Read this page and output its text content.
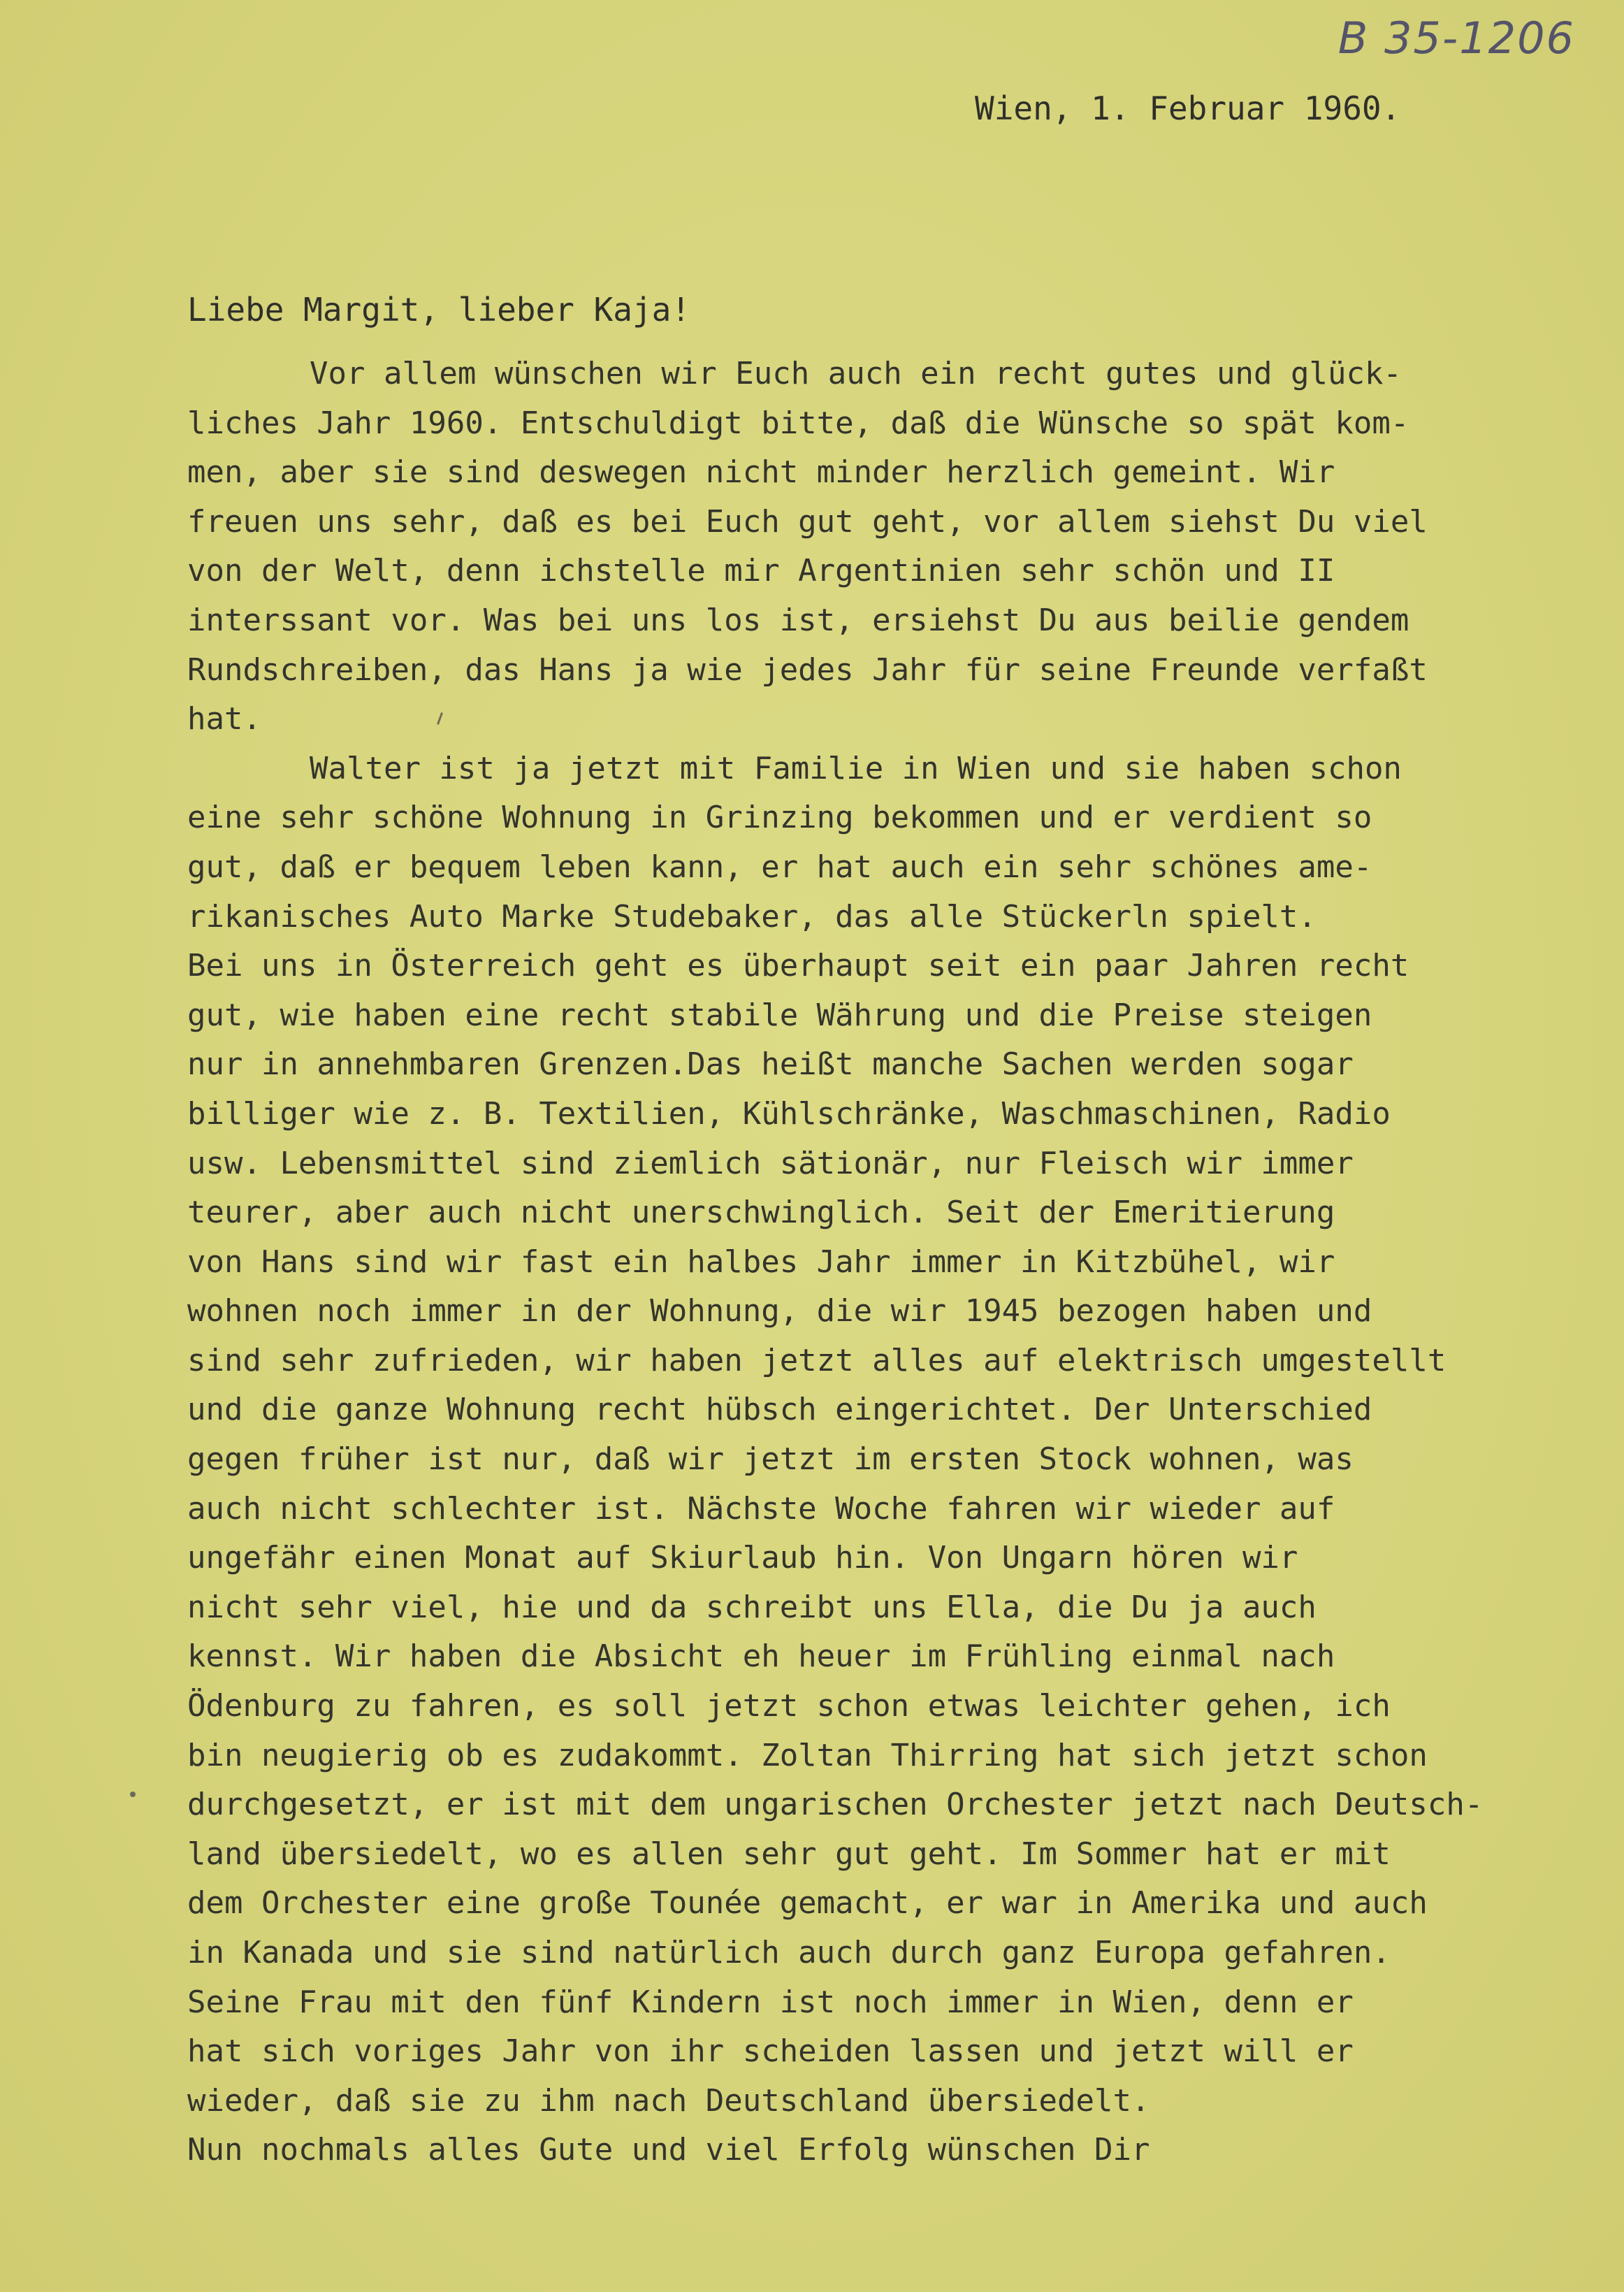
B 35-1206
Wien, 1. Februar 1960.
Liebe Margit, lieber Kaja!
Vor allem wünschen wir Euch auch ein recht gutes und glück-
liches Jahr 1960. Entschuldigt bitte, daß die Wünsche so spät kom-
men, aber sie sind deswegen nicht minder herzlich gemeint. Wir
freuen uns sehr, daß es bei Euch gut geht, vor allem siehst Du viel
von der Welt, denn ichstelle mir Argentinien sehr schön und II
interssant vor. Was bei uns los ist, ersiehst Du aus beilie gendem
Rundschreiben, das Hans ja wie jedes Jahr für seine Freunde verfaßt
hat.
Walter ist ja jetzt mit Familie in Wien und sie haben schon
eine sehr schöne Wohnung in Grinzing bekommen und er verdient so
gut, daß er bequem leben kann, er hat auch ein sehr schönes ame-
rikanisches Auto Marke Studebaker, das alle Stückerln spielt.
Bei uns in Österreich geht es überhaupt seit ein paar Jahren recht
gut, wie haben eine recht stabile Währung und die Preise steigen
nur in annehmbaren Grenzen.Das heißt manche Sachen werden sogar
billiger wie z. B. Textilien, Kühlschränke, Waschmaschinen, Radio
usw. Lebensmittel sind ziemlich sätionär, nur Fleisch wir immer
teurer, aber auch nicht unerschwinglich. Seit der Emeritierung
von Hans sind wir fast ein halbes Jahr immer in Kitzbühel, wir
wohnen noch immer in der Wohnung, die wir 1945 bezogen haben und
sind sehr zufrieden, wir haben jetzt alles auf elektrisch umgestellt
und die ganze Wohnung recht hübsch eingerichtet. Der Unterschied
gegen früher ist nur, daß wir jetzt im ersten Stock wohnen, was
auch nicht schlechter ist. Nächste Woche fahren wir wieder auf
ungefähr einen Monat auf Skiurlaub hin. Von Ungarn hören wir
nicht sehr viel, hie und da schreibt uns Ella, die Du ja auch
kennst. Wir haben die Absicht eh heuer im Frühling einmal nach
Ödenburg zu fahren, es soll jetzt schon etwas leichter gehen, ich
bin neugierig ob es zudakommt. Zoltan Thirring hat sich jetzt schon
durchgesetzt, er ist mit dem ungarischen Orchester jetzt nach Deutsch-
land übersiedelt, wo es allen sehr gut geht. Im Sommer hat er mit
dem Orchester eine große Tounée gemacht, er war in Amerika und auch
in Kanada und sie sind natürlich auch durch ganz Europa gefahren.
Seine Frau mit den fünf Kindern ist noch immer in Wien, denn er
hat sich voriges Jahr von ihr scheiden lassen und jetzt will er
wieder, daß sie zu ihm nach Deutschland übersiedelt.
Nun nochmals alles Gute und viel Erfolg wünschen Dir
